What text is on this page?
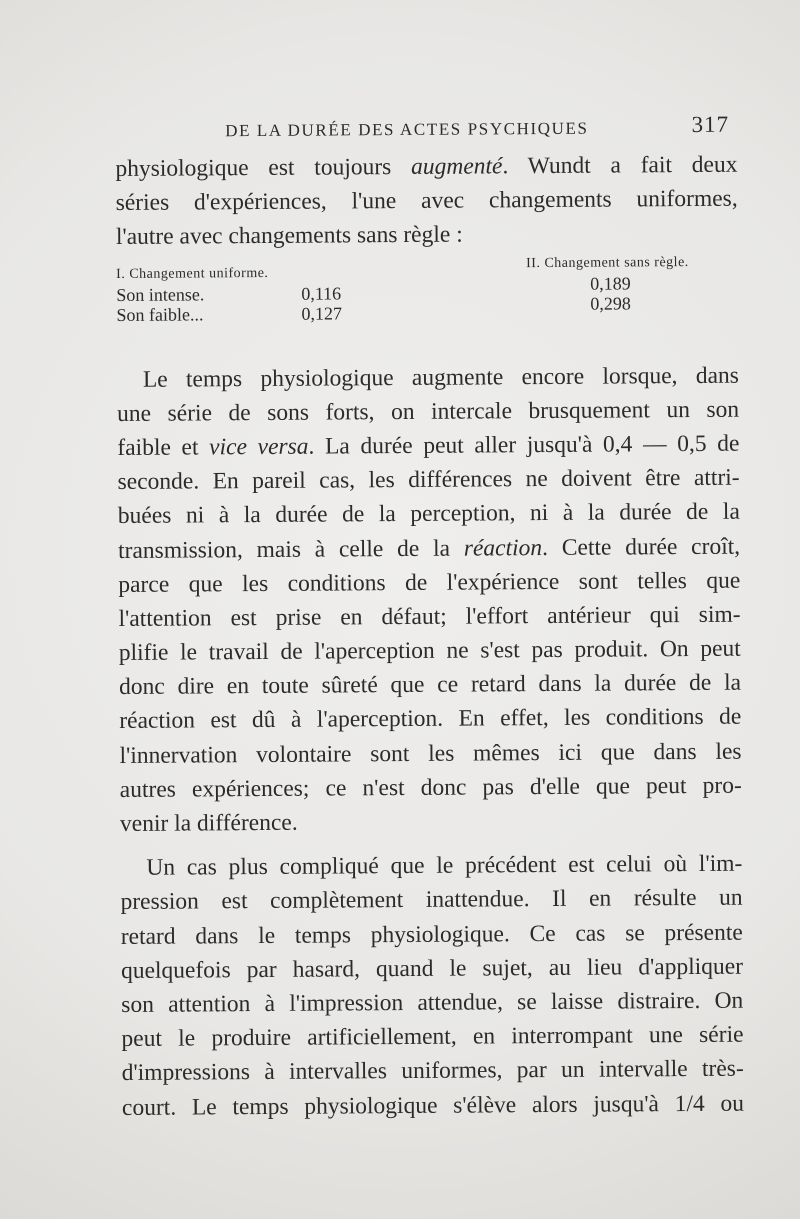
DE LA DURÉE DES ACTES PSYCHIQUES	317
physiologique est toujours augmenté. Wundt a fait deux
séries d'expériences, l'une avec changements uniformes,
l'autre avec changements sans règle :
I. Changement uniforme.
Son intense.	0,116
Son faible...	0,127
II. Changement sans règle.
0,189
0,298
Le temps physiologique augmente encore lorsque, dans
une série de sons forts, on intercale brusquement un son
faible et vice versa. La durée peut aller jusqu'à 0,4 — 0,5 de
seconde. En pareil cas, les différences ne doivent être attri-
buées ni à la durée de la perception, ni à la durée de la
transmission, mais à celle de la réaction. Cette durée croît,
parce que les conditions de l'expérience sont telles que
l'attention est prise en défaut; l'effort antérieur qui sim-
plifie le travail de l'aperception ne s'est pas produit. On peut
donc dire en toute sûreté que ce retard dans la durée de la
réaction est dû à l'aperception. En effet, les conditions de
l'innervation volontaire sont les mêmes ici que dans les
autres expériences; ce n'est donc pas d'elle que peut pro-
venir la différence.
Un cas plus compliqué que le précédent est celui où l'im-
pression est complètement inattendue. Il en résulte un
retard dans le temps physiologique. Ce cas se présente
quelquefois par hasard, quand le sujet, au lieu d'appliquer
son attention à l'impression attendue, se laisse distraire. On
peut le produire artificiellement, en interrompant une série
d'impressions à intervalles uniformes, par un intervalle très-
court. Le temps physiologique s'élève alors jusqu'à 1/4 ou
